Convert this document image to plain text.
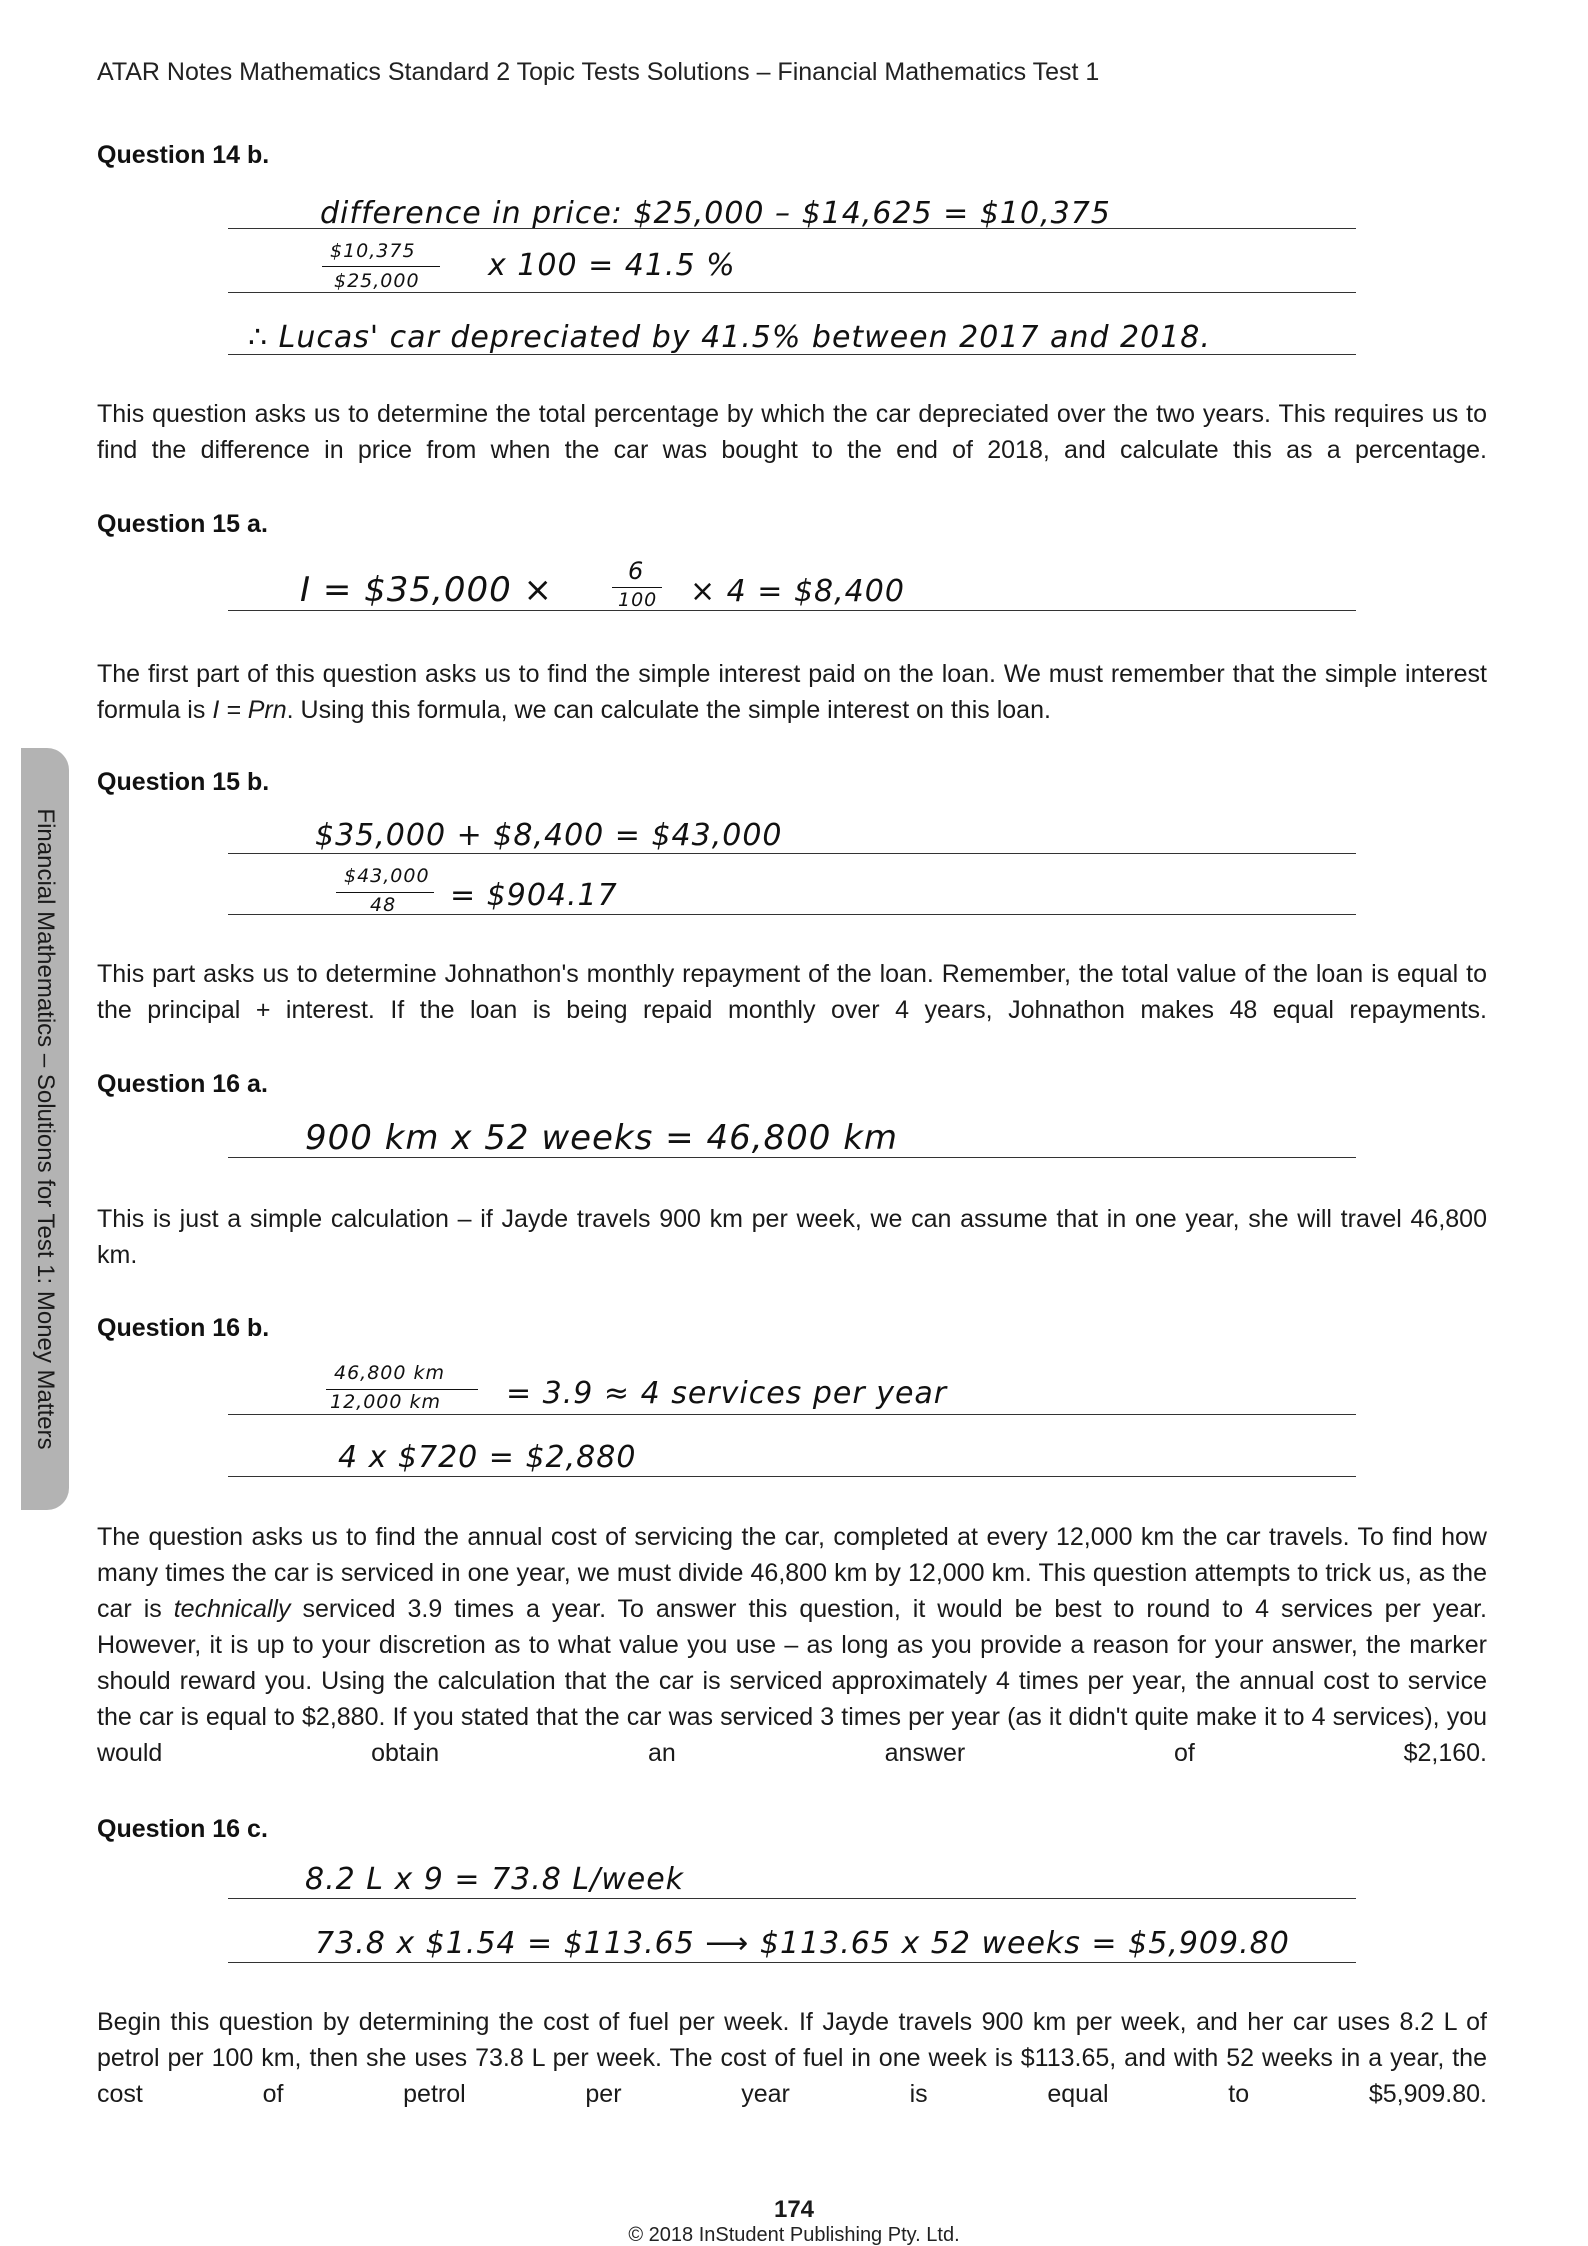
ATAR Notes Mathematics Standard 2 Topic Tests Solutions – Financial Mathematics Test 1
Financial Mathematics – Solutions for Test 1: Money Matters
Question 14 b.
difference in price: $25,000 – $14,625 = $10,375
$10,375
$25,000 x 100 = 41.5 %
∴ Lucas' car depreciated by 41.5% between 2017 and 2018.
This question asks us to determine the total percentage by which the car depreciated over the two years. This requires us to find the difference in price from when the car was bought to the end of 2018, and calculate this as a percentage.
Question 15 a.
I = $35,000 ×	6
100 × 4 = $8,400
The first part of this question asks us to find the simple interest paid on the loan. We must remember that the simple interest formula is I = Prn. Using this formula, we can calculate the simple interest on this loan.
Question 15 b.
$35,000 + $8,400 = $43,000
$43,000
48 = $904.17
This part asks us to determine Johnathon's monthly repayment of the loan. Remember, the total value of the loan is equal to the principal + interest. If the loan is being repaid monthly over 4 years, Johnathon makes 48 equal repayments.
Question 16 a.
900 km x 52 weeks = 46,800 km
This is just a simple calculation – if Jayde travels 900 km per week, we can assume that in one year, she will travel 46,800 km.
Question 16 b.
46,800 km
12,000 km = 3.9 ≈ 4 services per year
4 x $720 = $2,880
The question asks us to find the annual cost of servicing the car, completed at every 12,000 km the car travels. To find how many times the car is serviced in one year, we must divide 46,800 km by 12,000 km. This question attempts to trick us, as the car is technically serviced 3.9 times a year. To answer this question, it would be best to round to 4 services per year. However, it is up to your discretion as to what value you use – as long as you provide a reason for your answer, the marker should reward you. Using the calculation that the car is serviced approximately 4 times per year, the annual cost to service the car is equal to $2,880. If you stated that the car was serviced 3 times per year (as it didn't quite make it to 4 services), you would obtain an answer of $2,160.
Question 16 c.
8.2 L x 9 = 73.8 L/week
73.8 x $1.54 = $113.65 ⟶ $113.65 x 52 weeks = $5,909.80
Begin this question by determining the cost of fuel per week. If Jayde travels 900 km per week, and her car uses 8.2 L of petrol per 100 km, then she uses 73.8 L per week. The cost of fuel in one week is $113.65, and with 52 weeks in a year, the cost of petrol per year is equal to $5,909.80.
174
© 2018 InStudent Publishing Pty. Ltd.
